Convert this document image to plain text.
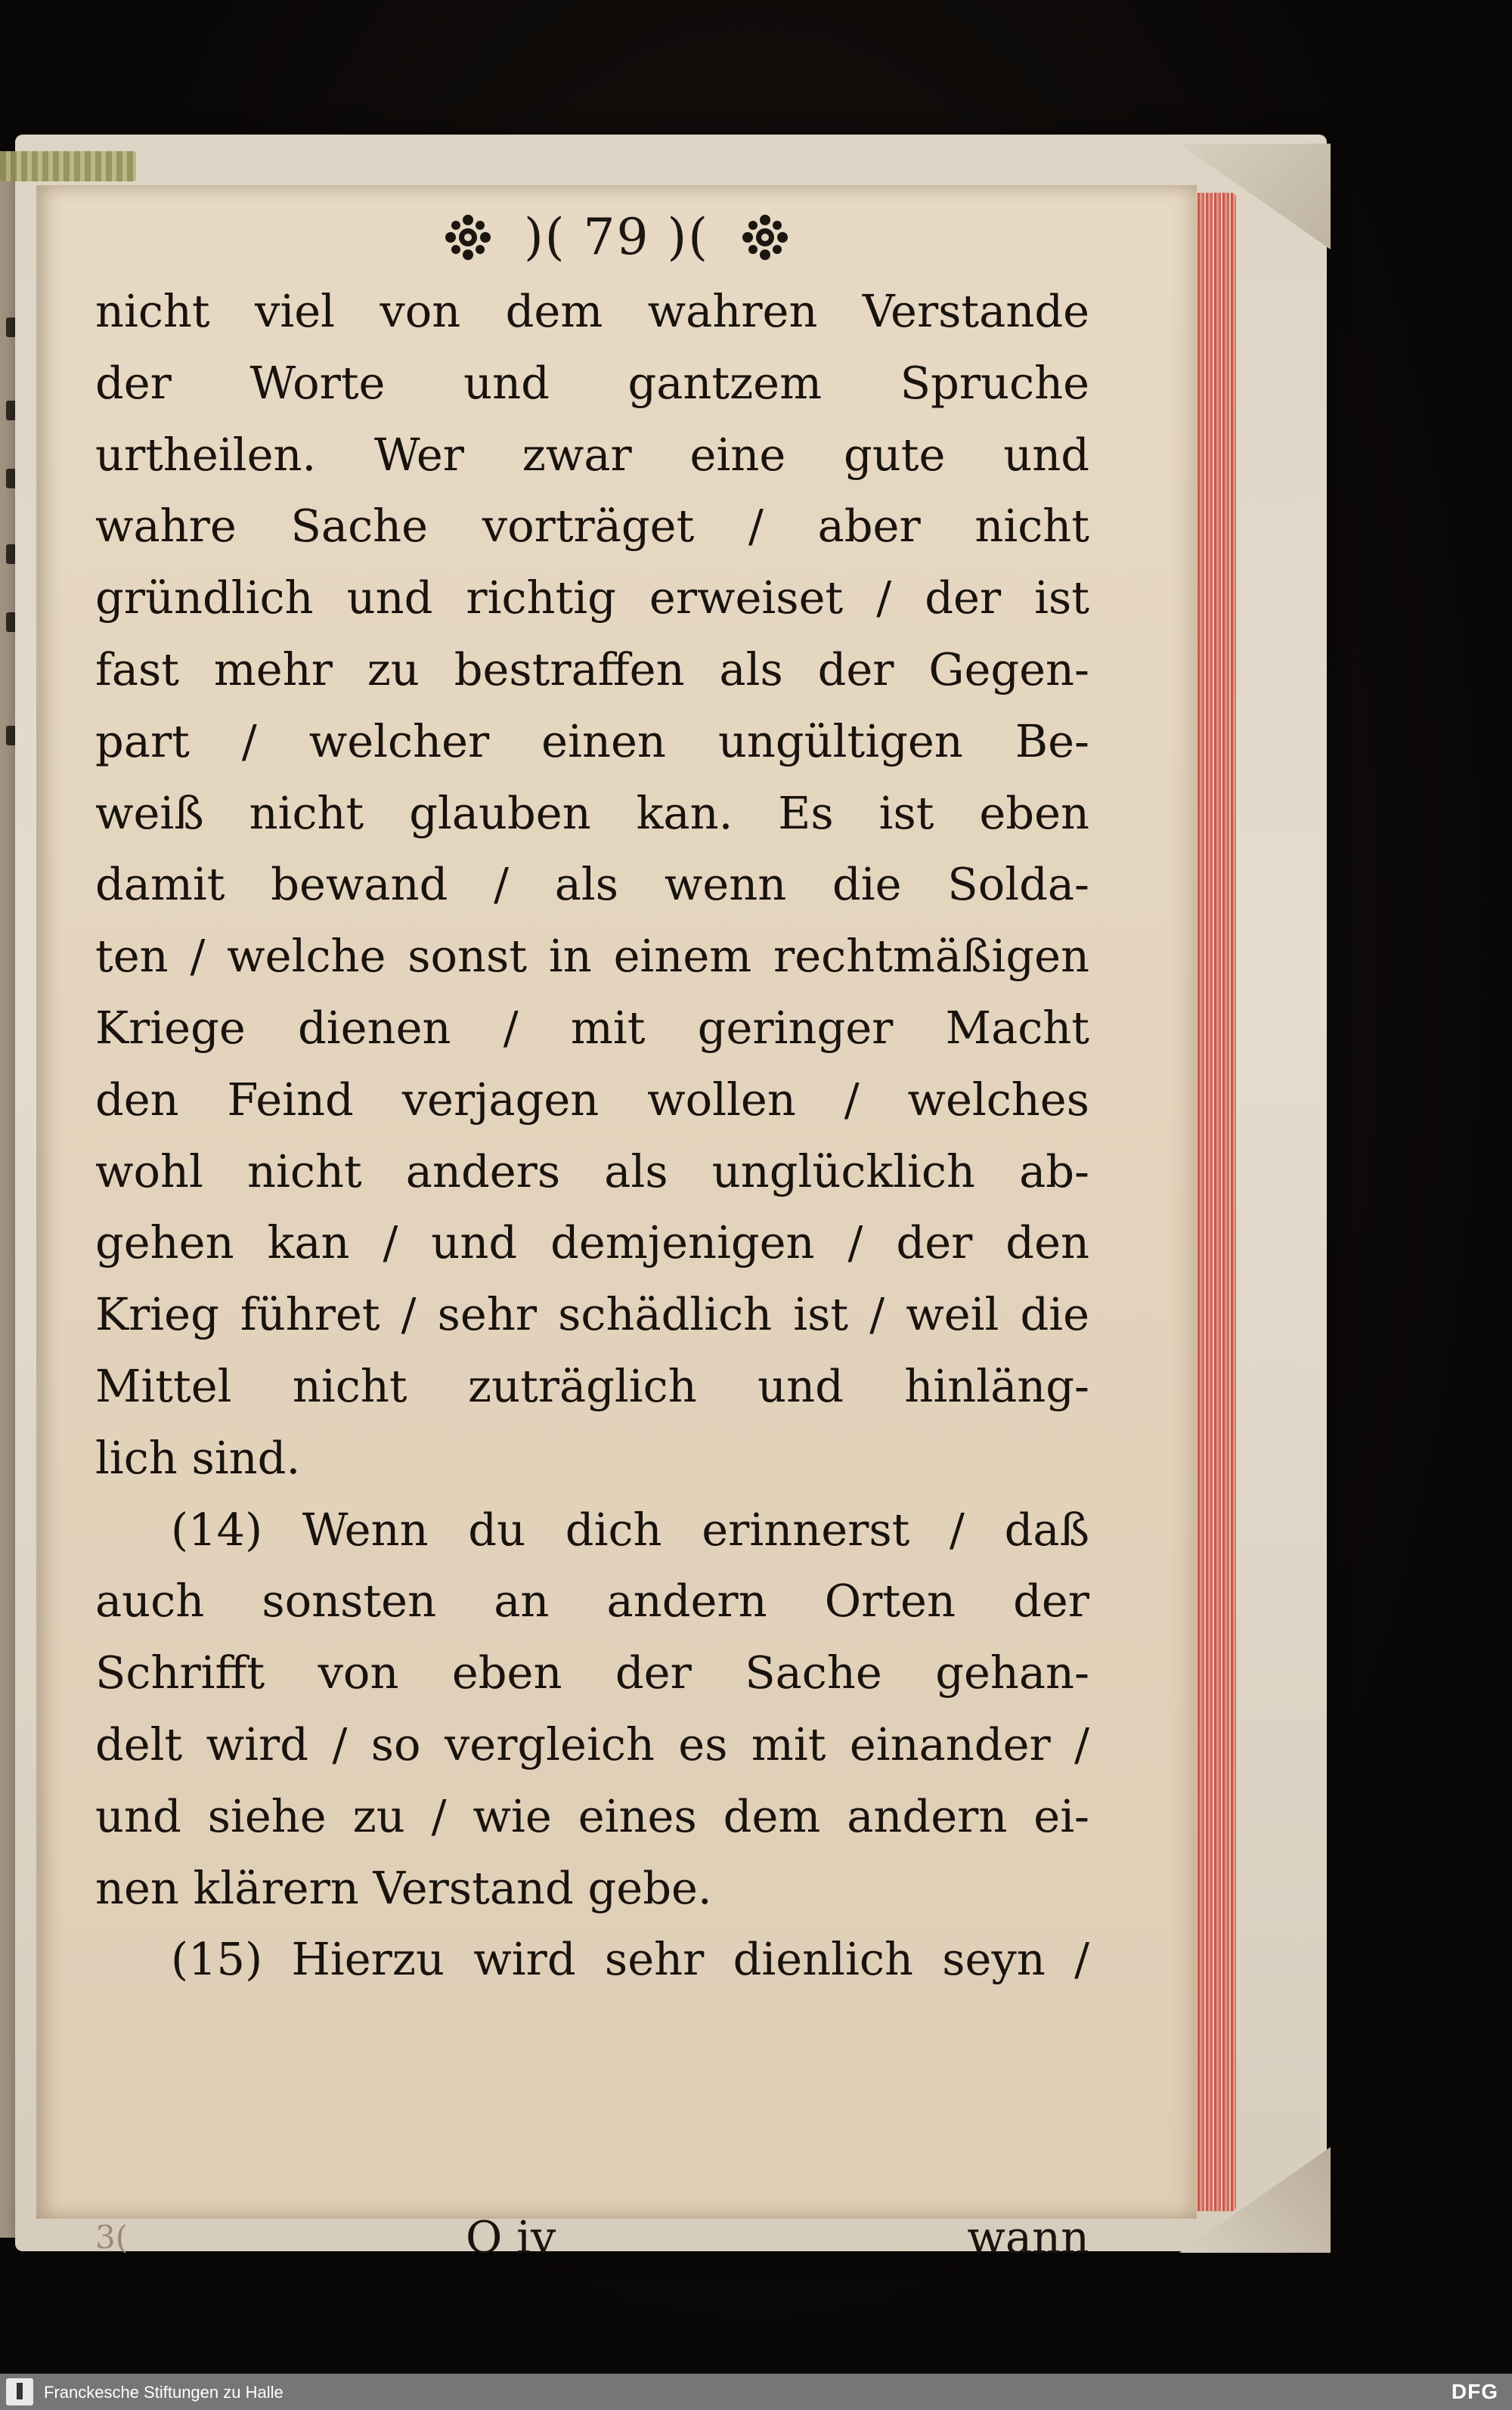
)( 79 )(
nicht viel von dem wahren Verstande
der Worte und gantzem Spruche
urtheilen. Wer zwar eine gute und
wahre Sache vorträget / aber nicht
gründlich und richtig erweiset / der ist
fast mehr zu bestraffen als der Gegen-
part / welcher einen ungültigen Be-
weiß nicht glauben kan. Es ist eben
damit bewand / als wenn die Solda-
ten / welche sonst in einem rechtmäßigen
Kriege dienen / mit geringer Macht
den Feind verjagen wollen / welches
wohl nicht anders als unglücklich ab-
gehen kan / und demjenigen / der den
Krieg führet / sehr schädlich ist / weil die
Mittel nicht zuträglich und hinläng-
lich sind.
(14) Wenn du dich erinnerst / daß
auch sonsten an andern Orten der
Schrifft von eben der Sache gehan-
delt wird / so vergleich es mit einander /
und siehe zu / wie eines dem andern ei-
nen klärern Verstand gebe.
(15) Hierzu wird sehr dienlich seyn /
3(	O iv	wann
Franckesche Stiftungen zu Halle	DFG
